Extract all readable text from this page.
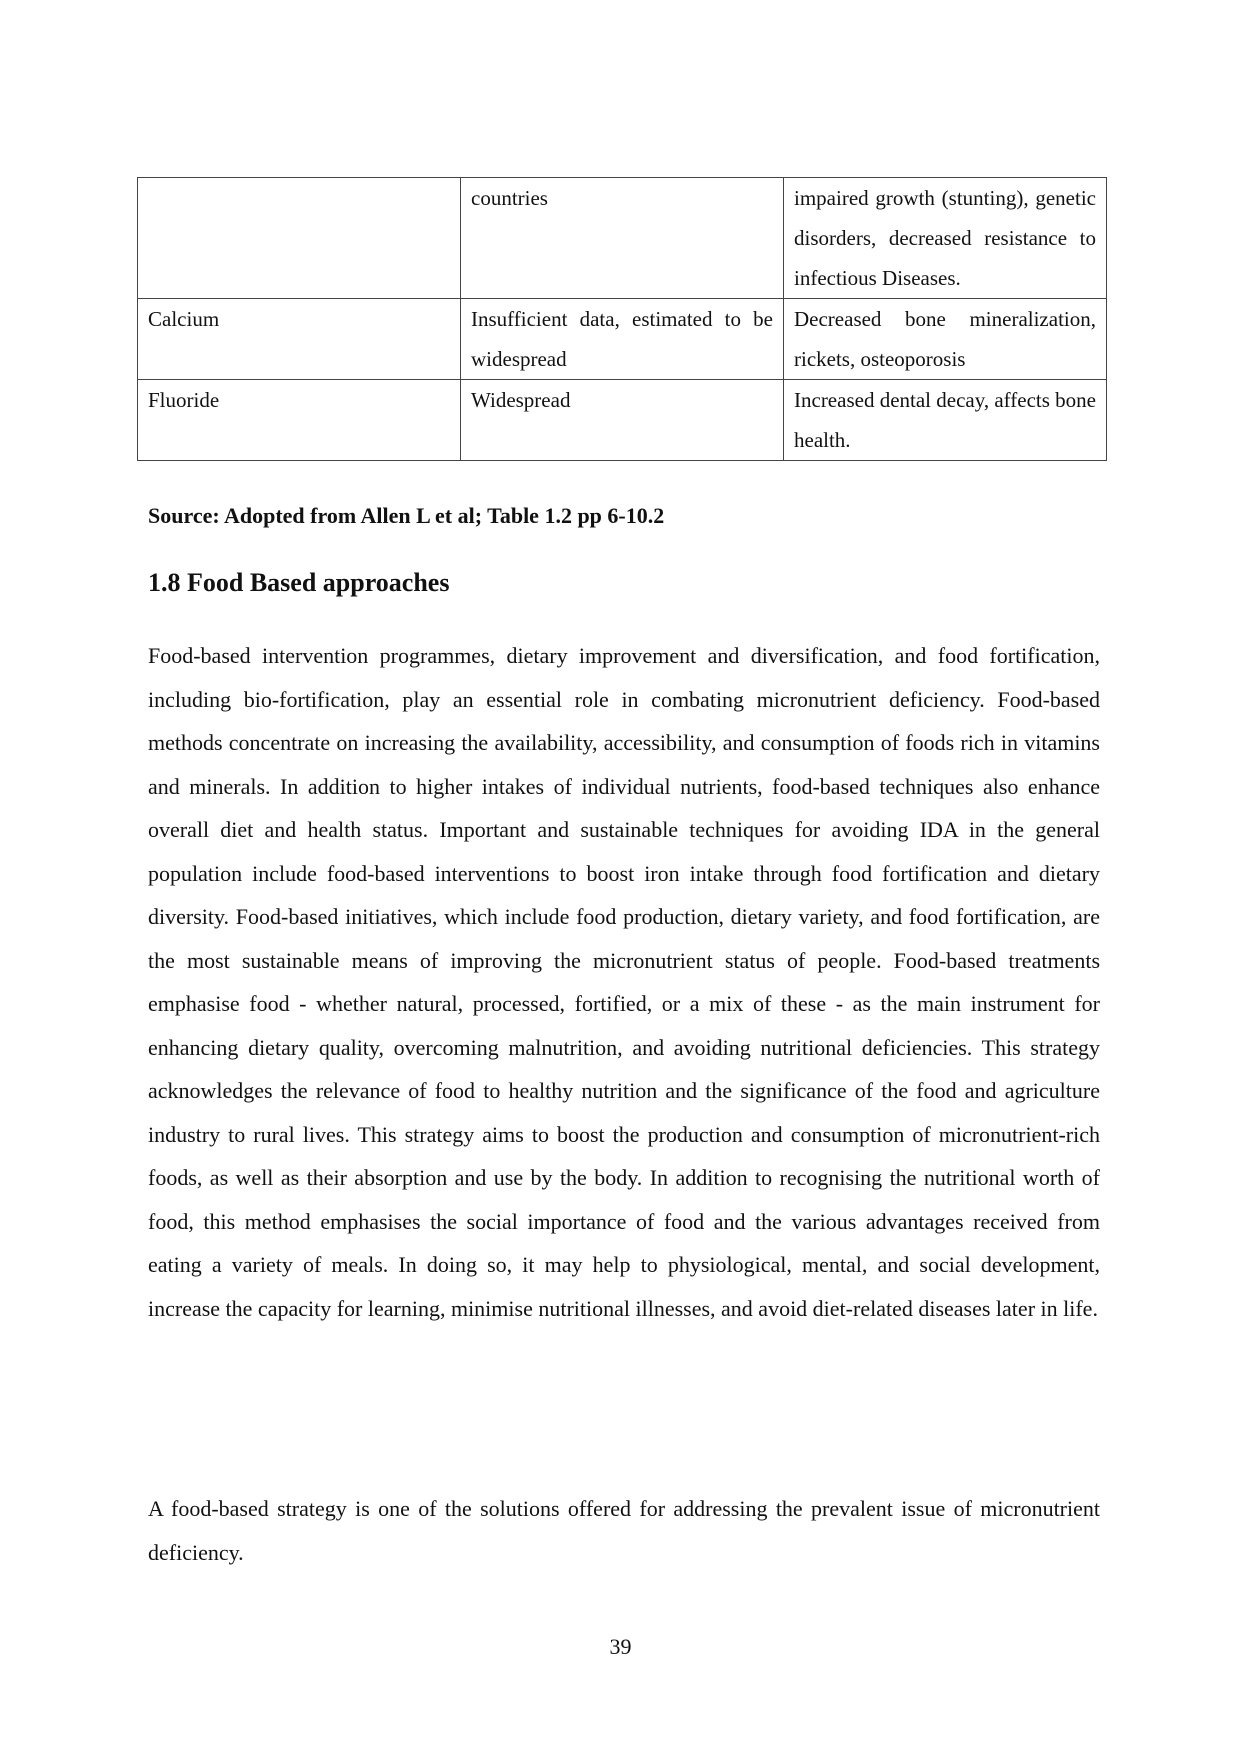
	countries	impaired growth (stunting), genetic disorders, decreased resistance to infectious Diseases.
Calcium	Insufficient data, estimated to be widespread	Decreased bone mineralization, rickets, osteoporosis
Fluoride	Widespread	Increased dental decay, affects bone health.
Source: Adopted from Allen L et al; Table 1.2 pp 6-10.2
1.8 Food Based approaches

Food-based intervention programmes, dietary improvement and diversification, and food fortification, including bio-fortification, play an essential role in combating micronutrient deficiency. Food-based methods concentrate on increasing the availability, accessibility, and consumption of foods rich in vitamins and minerals. In addition to higher intakes of individual nutrients, food-based techniques also enhance overall diet and health status. Important and sustainable techniques for avoiding IDA in the general population include food-based interventions to boost iron intake through food fortification and dietary diversity. Food-based initiatives, which include food production, dietary variety, and food fortification, are the most sustainable means of improving the micronutrient status of people. Food-based treatments emphasise food - whether natural, processed, fortified, or a mix of these - as the main instrument for enhancing dietary quality, overcoming malnutrition, and avoiding nutritional deficiencies. This strategy acknowledges the relevance of food to healthy nutrition and the significance of the food and agriculture industry to rural lives. This strategy aims to boost the production and consumption of micronutrient-rich foods, as well as their absorption and use by the body. In addition to recognising the nutritional worth of food, this method emphasises the social importance of food and the various advantages received from eating a variety of meals. In doing so, it may help to physiological, mental, and social development, increase the capacity for learning, minimise nutritional illnesses, and avoid diet-related diseases later in life.

A food-based strategy is one of the solutions offered for addressing the prevalent issue of micronutrient deficiency.

39
